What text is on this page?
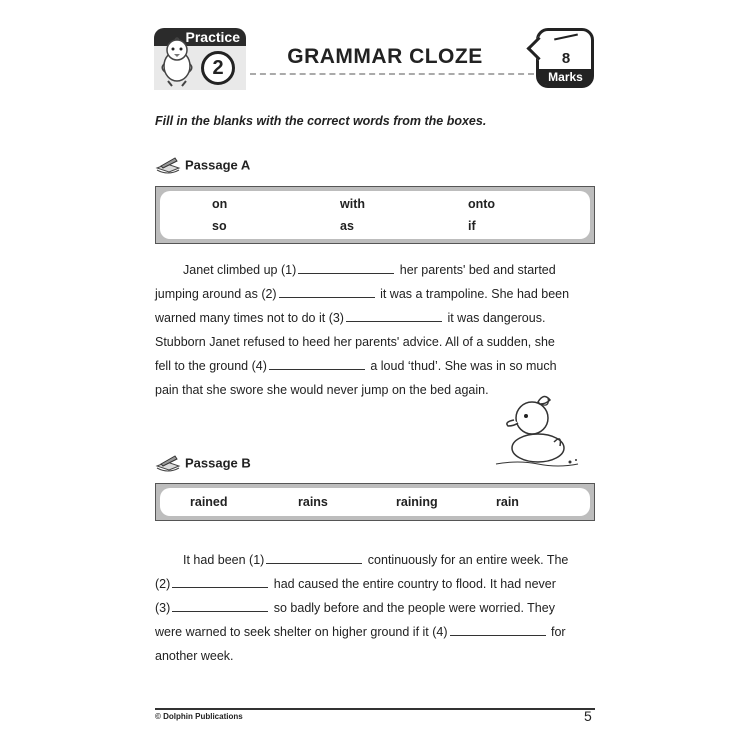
Practice
2	GRAMMAR CLOZE	8
Marks
Fill in the blanks with the correct words from the boxes.
Passage A
on	with	onto
so	as	if
Janet climbed up (1)	her parents' bed and started
jumping around as (2)	it was a trampoline. She had been
warned many times not to do it (3)	it was dangerous.
Stubborn Janet refused to heed her parents' advice. All of a sudden, she
fell to the ground (4)	a loud ‘thud’. She was in so much
pain that she swore she would never jump on the bed again.
Passage B
rained	rains	raining	rain
It had been (1)	continuously for an entire week. The
(2)	had caused the entire country to flood. It had never
(3)	so badly before and the people were worried. They
were warned to seek shelter on higher ground if it (4)	for
another week.
© Dolphin Publications	5
